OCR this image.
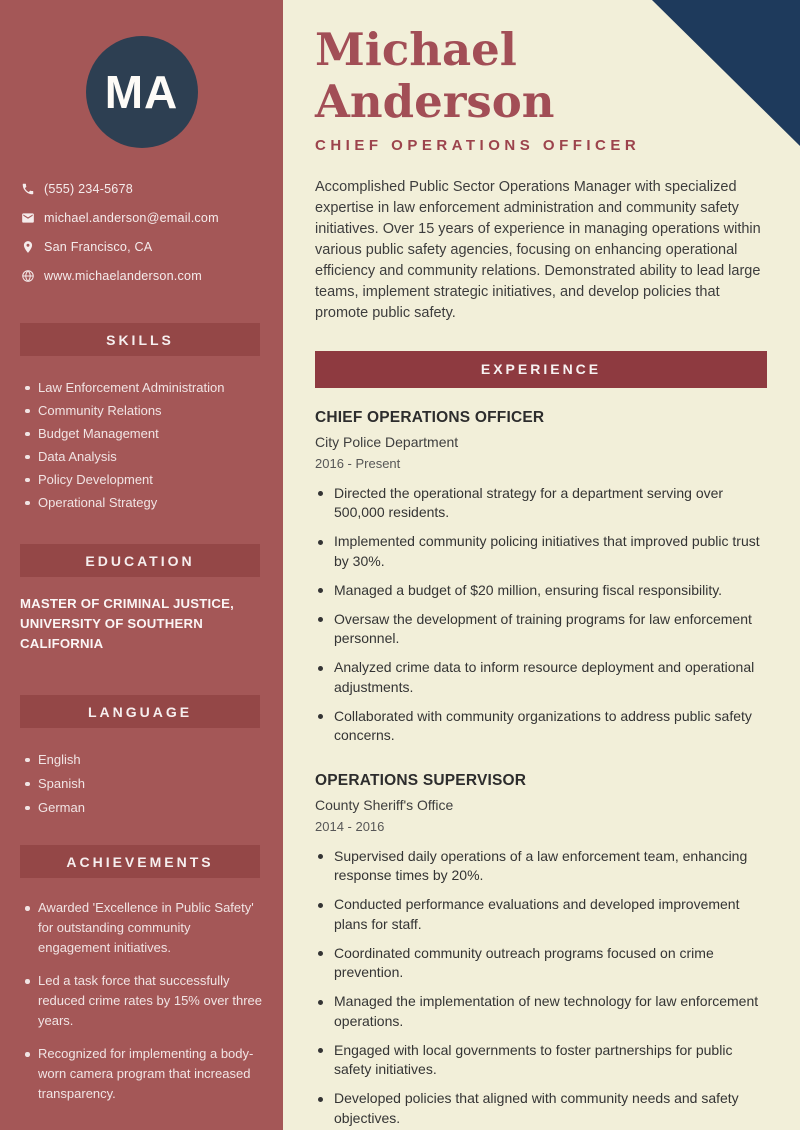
MA
(555) 234-5678
michael.anderson@email.com
San Francisco, CA
www.michaelanderson.com
SKILLS
Law Enforcement Administration
Community Relations
Budget Management
Data Analysis
Policy Development
Operational Strategy
EDUCATION
MASTER OF CRIMINAL JUSTICE,
UNIVERSITY OF SOUTHERN CALIFORNIA
LANGUAGE
English
Spanish
German
ACHIEVEMENTS
Awarded 'Excellence in Public Safety' for outstanding community engagement initiatives.
Led a task force that successfully reduced crime rates by 15% over three years.
Recognized for implementing a body-worn camera program that increased transparency.
Michael Anderson
CHIEF OPERATIONS OFFICER

Accomplished Public Sector Operations Manager with specialized expertise in law enforcement administration and community safety initiatives. Over 15 years of experience in managing operations within various public safety agencies, focusing on enhancing operational efficiency and community relations. Demonstrated ability to lead large teams, implement strategic initiatives, and develop policies that promote public safety.

EXPERIENCE
CHIEF OPERATIONS OFFICER
City Police Department
2016 - Present
Directed the operational strategy for a department serving over 500,000 residents.
Implemented community policing initiatives that improved public trust by 30%.
Managed a budget of $20 million, ensuring fiscal responsibility.
Oversaw the development of training programs for law enforcement personnel.
Analyzed crime data to inform resource deployment and operational adjustments.
Collaborated with community organizations to address public safety concerns.
OPERATIONS SUPERVISOR
County Sheriff's Office
2014 - 2016
Supervised daily operations of a law enforcement team, enhancing response times by 20%.
Conducted performance evaluations and developed improvement plans for staff.
Coordinated community outreach programs focused on crime prevention.
Managed the implementation of new technology for law enforcement operations.
Engaged with local governments to foster partnerships for public safety initiatives.
Developed policies that aligned with community needs and safety objectives.
